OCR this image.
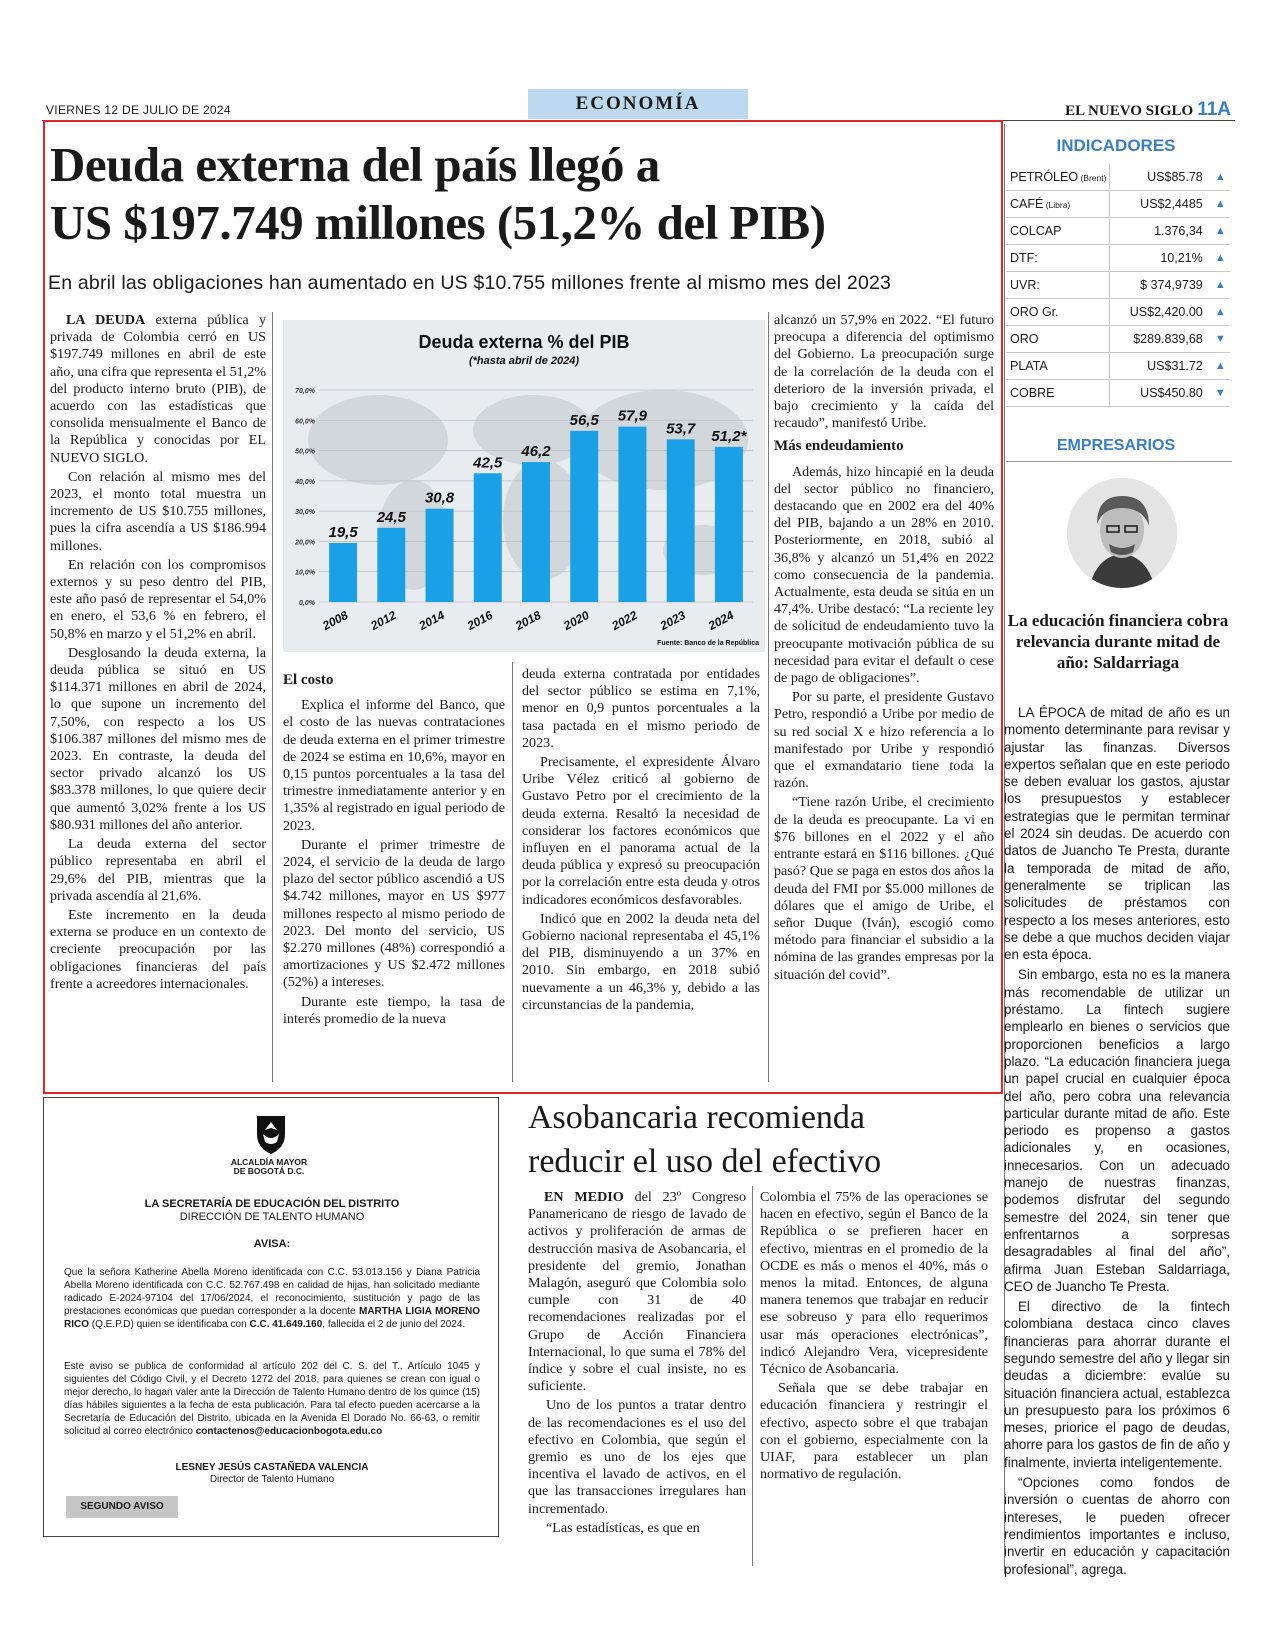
VIERNES 12 DE JULIO DE 2024	ECONOMÍA	EL NUEVO SIGLO 11A
Deuda externa del país llegó a
US $197.749 millones (51,2% del PIB)
En abril las obligaciones han aumentado en US $10.755 millones frente al mismo mes del 2023

LA DEUDA externa pública y privada de Colombia cerró en US $197.749 millones en abril de este año, una cifra que representa el 51,2% del producto interno bruto (PIB), de acuerdo con las estadísticas que consolida mensualmente el Banco de la República y conocidas por EL NUEVO SIGLO.

Con relación al mismo mes del 2023, el monto total muestra un incremento de US $10.755 millones, pues la cifra ascendía a US $186.994 millones.

En relación con los compromisos externos y su peso dentro del PIB, este año pasó de representar el 54,0% en enero, el 53,6 % en febrero, el 50,8% en marzo y el 51,2% en abril.

Desglosando la deuda externa, la deuda pública se situó en US $114.371 millones en abril de 2024, lo que supone un incremento del 7,50%, con respecto a los US $106.387 millones del mismo mes de 2023. En contraste, la deuda del sector privado alcanzó los US $83.378 millones, lo que quiere decir que aumentó 3,02% frente a los US $80.931 millones del año anterior.

La deuda externa del sector público representaba en abril el 29,6% del PIB, mientras que la privada ascendía al 21,6%.

Este incremento en la deuda externa se produce en un contexto de creciente preocupación por las obligaciones financieras del país frente a acreedores internacionales.

Deuda externa % del PIB
(*hasta abril de 2024)
70,0%
60,0%
50,0%
40,0%
30,0%
20,0%
10,0%
0,0%
19,5
2008
24,5
2012
30,8
2014
42,5
2016
46,2
2018
56,5
2020
57,9
2022
53,7
2023
51,2*
2024
Fuente: Banco de la República
El costo

Explica el informe del Banco, que el costo de las nuevas contrataciones de deuda externa en el primer trimestre de 2024 se estima en 10,6%, mayor en 0,15 puntos porcentuales a la tasa del trimestre inmediatamente anterior y en 1,35% al registrado en igual periodo de 2023.

Durante el primer trimestre de 2024, el servicio de la deuda de largo plazo del sector público ascendió a US $4.742 millones, mayor en US $977 millones respecto al mismo periodo de 2023. Del monto del servicio, US $2.270 millones (48%) correspondió a amortizaciones y US $2.472 millones (52%) a intereses.

Durante este tiempo, la tasa de interés promedio de la nueva

deuda externa contratada por entidades del sector público se estima en 7,1%, menor en 0,9 puntos porcentuales a la tasa pactada en el mismo periodo de 2023.

Precisamente, el expresidente Álvaro Uribe Vélez criticó al gobierno de Gustavo Petro por el crecimiento de la deuda externa. Resaltó la necesidad de considerar los factores económicos que influyen en el panorama actual de la deuda pública y expresó su preocupación por la correlación entre esta deuda y otros indicadores económicos desfavorables.

Indicó que en 2002 la deuda neta del Gobierno nacional representaba el 45,1% del PIB, disminuyendo a un 37% en 2010. Sin embargo, en 2018 subió nuevamente a un 46,3% y, debido a las circunstancias de la pandemia,

alcanzó un 57,9% en 2022. “El futuro preocupa a diferencia del optimismo del Gobierno. La preocupación surge de la correlación de la deuda con el deterioro de la inversión privada, el bajo crecimiento y la caída del recaudo”, manifestó Uribe.

Más endeudamiento

Además, hizo hincapié en la deuda del sector público no financiero, destacando que en 2002 era del 40% del PIB, bajando a un 28% en 2010. Posteriormente, en 2018, subió al 36,8% y alcanzó un 51,4% en 2022 como consecuencia de la pandemia. Actualmente, esta deuda se sitúa en un 47,4%. Uribe destacó: “La reciente ley de solicitud de endeudamiento tuvo la preocupante motivación pública de su necesidad para evitar el default o cese de pago de obligaciones”.

Por su parte, el presidente Gustavo Petro, respondió a Uribe por medio de su red social X e hizo referencia a lo manifestado por Uribe y respondió que el exmandatario tiene toda la razón.

“Tiene razón Uribe, el crecimiento de la deuda es preocupante. La vi en $76 billones en el 2022 y el año entrante estará en $116 billones. ¿Qué pasó? Que se paga en estos dos años la deuda del FMI por $5.000 millones de dólares que el amigo de Uribe, el señor Duque (Iván), escogió como método para financiar el subsidio a la nómina de las grandes empresas por la situación del covid”.

INDICADORES
PETRÓLEO (Brent)	US$85.78	▲
CAFÉ (Libra)	US$2,4485	▲
COLCAP	1.376,34	▲
DTF:	10,21%	▲
UVR:	$ 374,9739	▲
ORO Gr.	US$2,420.00	▲
ORO	$289.839,68	▼
PLATA	US$31.72	▲
COBRE	US$450.80	▼
EMPRESARIOS
La educación financiera cobra relevancia durante mitad de año: Saldarriaga

LA ÉPOCA de mitad de año es un momento determinante para revisar y ajustar las finanzas. Diversos expertos señalan que en este periodo se deben evaluar los gastos, ajustar los presupuestos y establecer estrategias que le permitan terminar el 2024 sin deudas. De acuerdo con datos de Juancho Te Presta, durante la temporada de mitad de año, generalmente se triplican las solicitudes de préstamos con respecto a los meses anteriores, esto se debe a que muchos deciden viajar en esta época.

Sin embargo, esta no es la manera más recomendable de utilizar un préstamo. La fintech sugiere emplearlo en bienes o servicios que proporcionen beneficios a largo plazo. “La educación financiera juega un papel crucial en cualquier época del año, pero cobra una relevancia particular durante mitad de año. Este periodo es propenso a gastos adicionales y, en ocasiones, innecesarios. Con un adecuado manejo de nuestras finanzas, podemos disfrutar del segundo semestre del 2024, sin tener que enfrentarnos a sorpresas desagradables al final del año”, afirma Juan Esteban Saldarriaga, CEO de Juancho Te Presta.

El directivo de la fintech colombiana destaca cinco claves financieras para ahorrar durante el segundo semestre del año y llegar sin deudas a diciembre: evalúe su situación financiera actual, establezca un presupuesto para los próximos 6 meses, priorice el pago de deudas, ahorre para los gastos de fin de año y finalmente, invierta inteligentemente.

“Opciones como fondos de inversión o cuentas de ahorro con intereses, le pueden ofrecer rendimientos importantes e incluso, invertir en educación y capacitación profesional”, agrega.

ALCALDÍA MAYOR
DE BOGOTÁ D.C.
LA SECRETARÍA DE EDUCACIÓN DEL DISTRITO
DIRECCIÓN DE TALENTO HUMANO
AVISA:
Que la señora Katherine Abella Moreno identificada con C.C. 53.013.156 y Diana Patricia Abella Moreno identificada con C.C. 52.767.498 en calidad de hijas, han solicitado mediante radicado E-2024-97104 del 17/06/2024, el reconocimiento, sustitución y pago de las prestaciones económicas que puedan corresponder a la docente MARTHA LIGIA MORENO RICO (Q.E.P.D) quien se identificaba con C.C. 41.649.160, fallecida el 2 de junio del 2024.
Este aviso se publica de conformidad al artículo 202 del C. S. del T., Artículo 1045 y siguientes del Código Civil, y el Decreto 1272 del 2018, para quienes se crean con igual o mejor derecho, lo hagan valer ante la Dirección de Talento Humano dentro de los quince (15) días hábiles siguientes a la fecha de esta publicación. Para tal efecto pueden acercarse a la Secretaría de Educación del Distrito, ubicada en la Avenida El Dorado No. 66-63, o remitir solicitud al correo electrónico contactenos@educacionbogota.edu.co
LESNEY JESÚS CASTAÑEDA VALENCIA
Director de Talento Humano
SEGUNDO AVISO
Asobancaria recomienda
reducir el uso del efectivo

EN MEDIO del 23º Congreso Panamericano de riesgo de lavado de activos y proliferación de armas de destrucción masiva de Asobancaria, el presidente del gremio, Jonathan Malagón, aseguró que Colombia solo cumple con 31 de 40 recomendaciones realizadas por el Grupo de Acción Financiera Internacional, lo que suma el 78% del índice y sobre el cual insiste, no es suficiente.

Uno de los puntos a tratar dentro de las recomendaciones es el uso del efectivo en Colombia, que según el gremio es uno de los ejes que incentiva el lavado de activos, en el que las transacciones irregulares han incrementado.

“Las estadísticas, es que en

Colombia el 75% de las operaciones se hacen en efectivo, según el Banco de la República o se prefieren hacer en efectivo, mientras en el promedio de la OCDE es más o menos el 40%, más o menos la mitad. Entonces, de alguna manera tenemos que trabajar en reducir ese sobreuso y para ello requerimos usar más operaciones electrónicas”, indicó Alejandro Vera, vicepresidente Técnico de Asobancaria.

Señala que se debe trabajar en educación financiera y restringir el efectivo, aspecto sobre el que trabajan con el gobierno, especialmente con la UIAF, para establecer un plan normativo de regulación.
